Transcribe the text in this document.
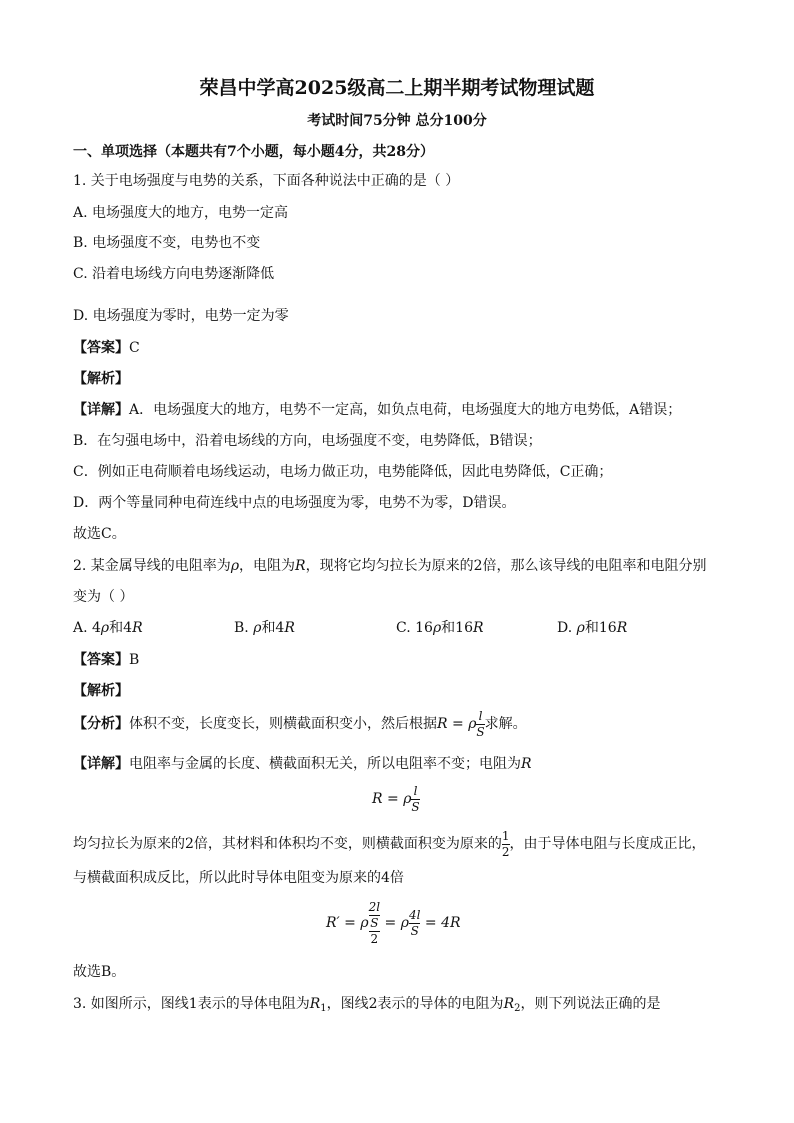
荣昌中学高2025级高二上期半期考试物理试题
考试时间75分钟 总分100分
一、单项选择（本题共有7个小题，每小题4分，共28分）
1. 关于电场强度与电势的关系，下面各种说法中正确的是（ ）
A. 电场强度大的地方，电势一定高
B. 电场强度不变，电势也不变
C. 沿着电场线方向电势逐渐降低
D. 电场强度为零时，电势一定为零
【答案】C
【解析】
【详解】A．电场强度大的地方，电势不一定高，如负点电荷，电场强度大的地方电势低，A错误；
B．在匀强电场中，沿着电场线的方向，电场强度不变，电势降低，B错误；
C．例如正电荷顺着电场线运动，电场力做正功，电势能降低，因此电势降低，C正确；
D．两个等量同种电荷连线中点的电场强度为零，电势不为零，D错误。
故选C。
2. 某金属导线的电阻率为ρ，电阻为R，现将它均匀拉长为原来的2倍，那么该导线的电阻率和电阻分别
变为（ ）
A. 4ρ和4R	B. ρ和4R	C. 16ρ和16R	D. ρ和16R
【答案】B
【解析】
【分析】体积不变，长度变长，则横截面积变小，然后根据R = ρ $\frac{l}{S}$ 求解。
【详解】电阻率与金属的长度、横截面积无关，所以电阻率不变；电阻为R
R = ρ $\frac{l}{S}$
均匀拉长为原来的2倍，其材料和体积均不变，则横截面积变为原来的 $\frac{1}{2}$ ，由于导体电阻与长度成正比，
与横截面积成反比，所以此时导体电阻变为原来的4倍
R′ = ρ $\frac{\frac{2l}{S}}{2} = \rho \frac{4l}{S} = 4R$
故选B。
3. 如图所示，图线1表示的导体电阻为$R_1$，图线2表示的导体的电阻为$R_2$，则下列说法正确的是
